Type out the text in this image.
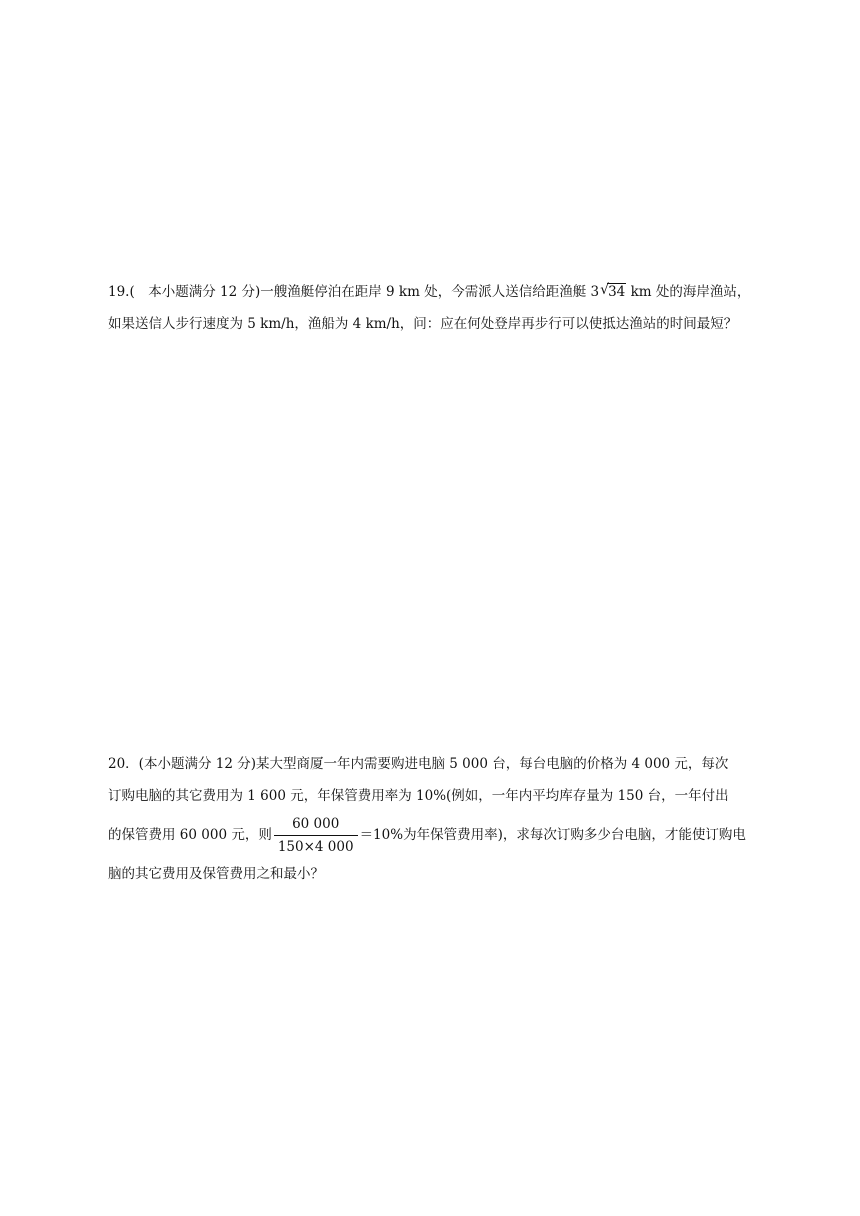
19.(　本小题满分 12 分)一艘渔艇停泊在距岸 9 km 处，今需派人送信给距渔艇 3 √ 34 km 处的海岸渔站，
如果送信人步行速度为 5 km/h，渔船为 4 km/h，问：应在何处登岸再步行可以使抵达渔站的时间最短？
20．(本小题满分 12 分)某大型商厦一年内需要购进电脑 5 000 台，每台电脑的价格为 4 000 元，每次
订购电脑的其它费用为 1 600 元，年保管费用率为 10%(例如，一年内平均库存量为 150 台，一年付出
的保管费用 60 000 元，则 $\frac{60 000}{150\times 4 000} =10\%$为年保管费用率)，求每次订购多少台电脑，才能使订购电
脑的其它费用及保管费用之和最小？
